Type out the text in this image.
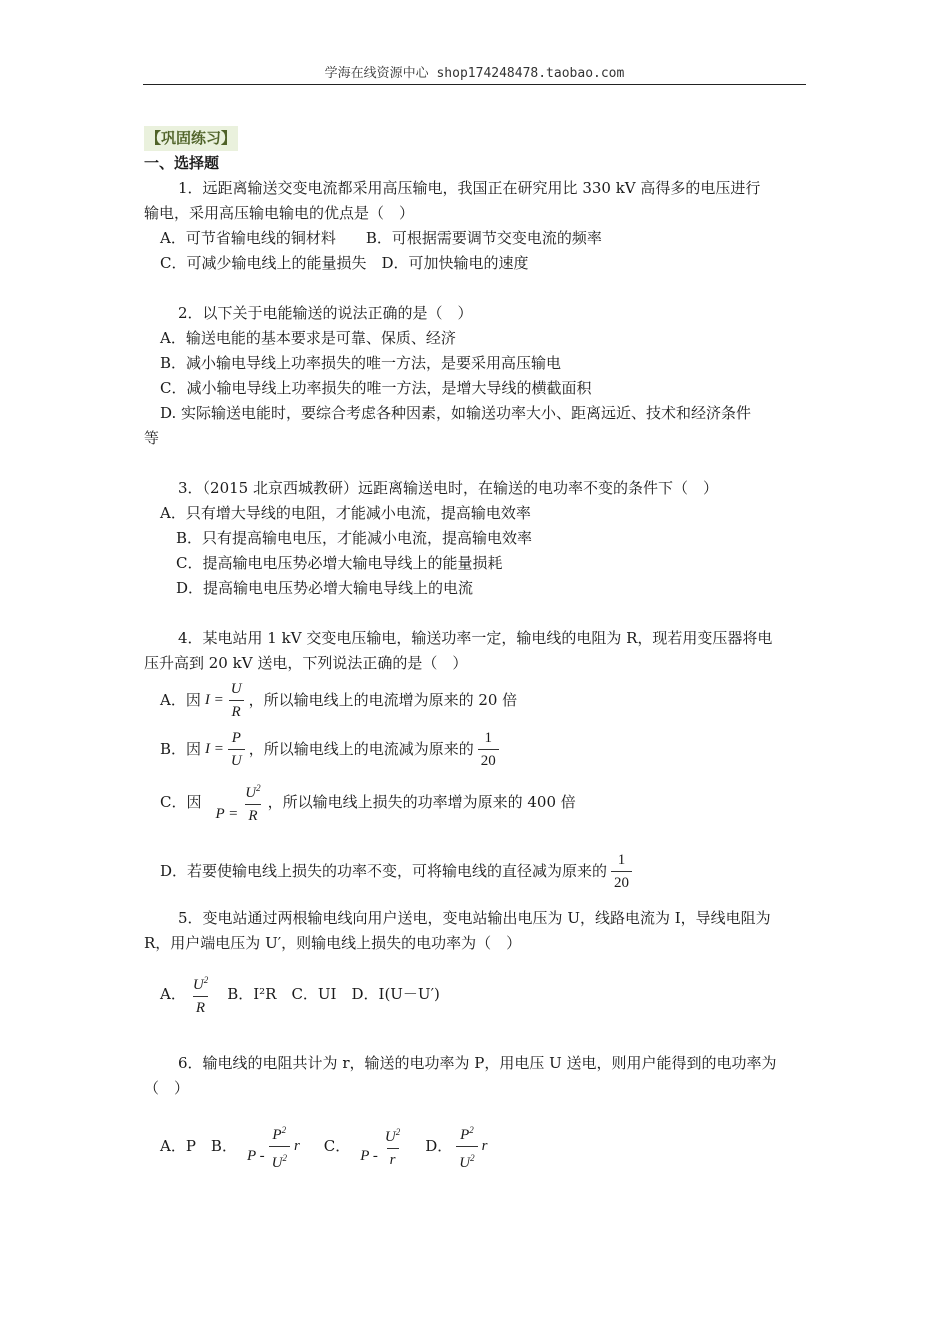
学海在线资源中心 shop174248478.taobao.com

【巩固练习】

一、选择题

1．远距离输送交变电流都采用高压输电，我国正在研究用比 330 kV 高得多的电压进行

输电，采用高压输电输电的优点是（　）

A．可节省输电线的铜材料　　B．可根据需要调节交变电流的频率

C．可减少输电线上的能量损失　D．可加快输电的速度

2．以下关于电能输送的说法正确的是（　）

A．输送电能的基本要求是可靠、保质、经济

B．减小输电导线上功率损失的唯一方法，是要采用高压输电

C．减小输电导线上功率损失的唯一方法，是增大导线的横截面积

D. 实际输送电能时，要综合考虑各种因素，如输送功率大小、距离远近、技术和经济条件

等

3．（2015 北京西城教研）远距离输送电时，在输送的电功率不变的条件下（　）

A．只有增大导线的电阻，才能减小电流，提高输电效率

B．只有提高输电电压，才能减小电流，提高输电效率

C．提高输电电压势必增大输电导线上的能量损耗

D．提高输电电压势必增大输电导线上的电流

4．某电站用 1 kV 交变电压输电，输送功率一定，输电线的电阻为 R，现若用变压器将电

压升高到 20 kV 送电，下列说法正确的是（　）

A．因 $I = \frac{U}{R}$ ，所以输电线上的电流增为原来的 20 倍
B．因 $I = \frac{P}{U}$ ，所以输电线上的电流减为原来的 $\frac{1}{20}$
C．因
$P = \frac{U^2}{R}$ ，所以输电线上损失的功率增为原来的 400 倍
D．若要使输电线上损失的功率不变，可将输电线的直径减为原来的 $\frac{1}{20}$

5．变电站通过两根输电线向用户送电，变电站输出电压为 U，线路电流为 I，导线电阻为

R，用户端电压为 U′，则输电线上损失的电功率为（　）

A． $\frac{U^2}{R}$ B．I²R　C．UI　D．I(U－U′)

6．输电线的电阻共计为 r，输送的电功率为 P，用电压 U 送电，则用户能得到的电功率为

（　）

A．P　B．
P - $\frac{P^2}{U^2}$ r C．
P - $\frac{U^2}{r}$ D． $\frac{P^2}{U^2}$ r
